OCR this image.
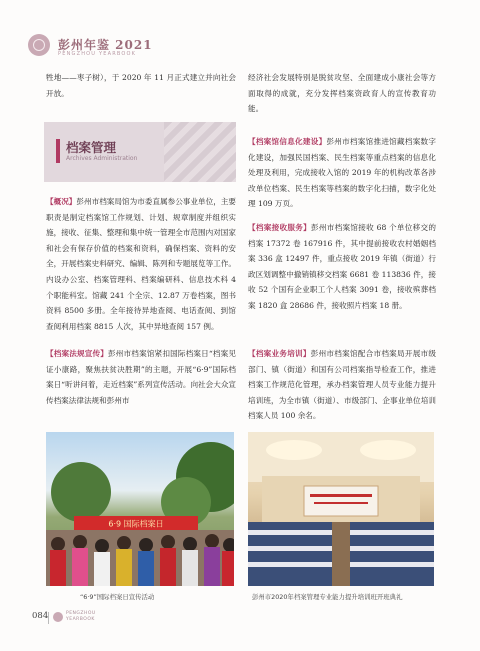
彭州年鉴 2021
PENGZHOU YEARBOOK

牲地——枣子树），于 2020 年 11 月正式建立并向社会开放。

档案管理
Archives Administration

【概况】彭州市档案局馆为市委直属参公事业单位，主要职责是制定档案馆工作规划、计划、规章制度并组织实施，接收、征集、整理和集中统一管理全市范围内对国家和社会有保存价值的档案和资料，确保档案、资料的安全，开展档案史料研究、编辑、陈列和专题展览等工作。内设办公室、档案管理科、档案编研科、信息技术科 4 个职能科室。馆藏 241 个全宗、12.87 万卷档案，图书资料 8500 多册。全年接待异地查阅、电话查阅、到馆查阅利用档案 8815 人次，其中异地查阅 157 例。

【档案法规宣传】彭州市档案馆紧扣国际档案日“档案见证小康路，聚焦扶贫决胜期”的主题，开展“6·9”国际档案日“听讲问着，走近档案”系列宣传活动。向社会大众宣传档案法律法规和彭州市

经济社会发展特别是脱贫攻坚、全面建成小康社会等方面取得的成就，充分发挥档案资政育人的宣传教育功能。

【档案馆信息化建设】彭州市档案馆推进馆藏档案数字化建设，加强民国档案、民生档案等重点档案的信息化处理及利用，完成接收入馆的 2019 年的机构改革各涉改单位档案、民生档案等档案的数字化扫描，数字化处理 109 万页。

【档案接收服务】彭州市档案馆接收 68 个单位移交的档案 17372 卷 167916 件，其中提前接收农村婚姻档案 336 盒 12497 件，重点接收 2019 年镇（街道）行政区划调整中撤销镇移交档案 6681 卷 113836 件，接收 52 个国有企业职工个人档案 3091 卷，接收殡葬档案 1820 盒 28686 件，接收照片档案 18 册。

【档案业务培训】彭州市档案馆配合市档案局开展市级部门、镇（街道）和国有公司档案指导检查工作，推进档案工作规范化管理，承办档案管理人员专业能力提升培训班，为全市镇（街道）、市级部门、企事业单位培训档案人员 100 余名。

6·9 国际档案日
“6·9”国际档案日宣传活动	彭州市2020年档案管理专业能力提升培训班开班典礼
084	PENGZHOU
YEARBOOK
